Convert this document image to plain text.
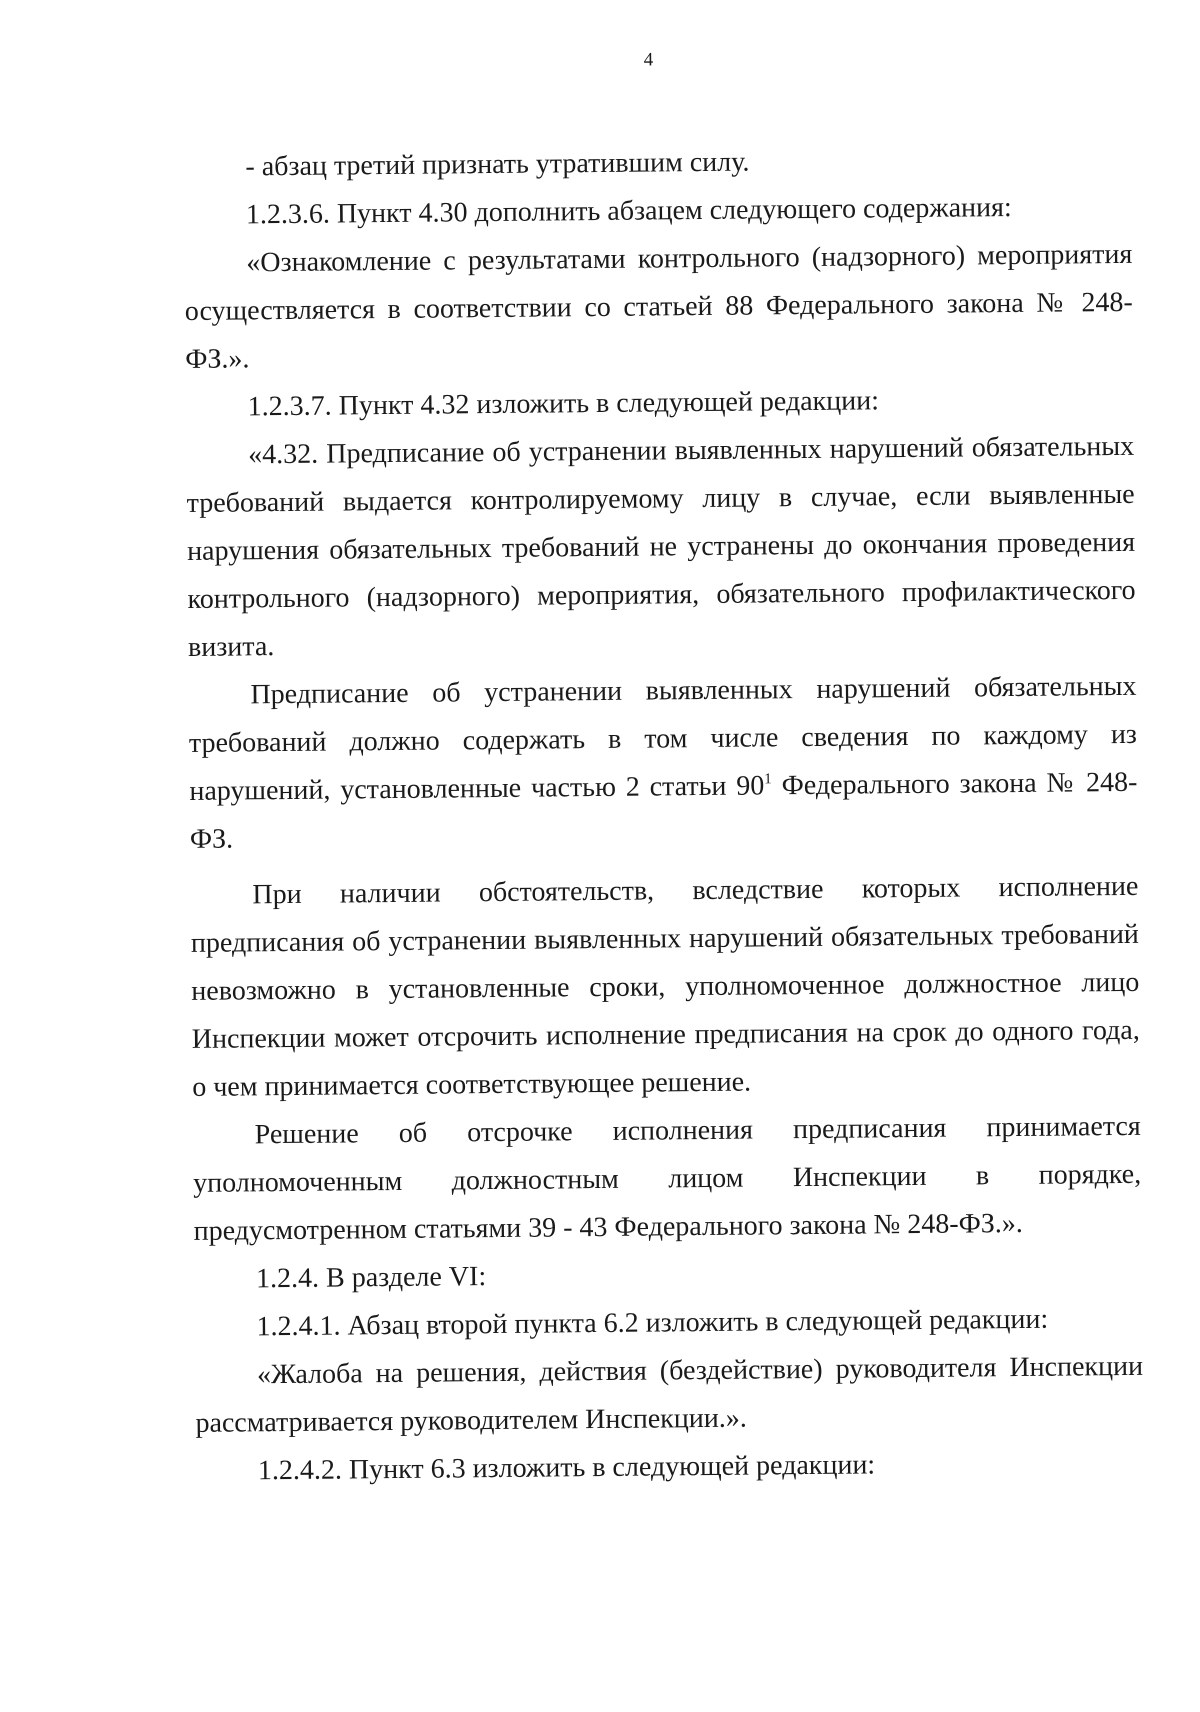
4

- абзац третий признать утратившим силу.

1.2.3.6. Пункт 4.30 дополнить абзацем следующего содержания:

«Ознакомление с результатами контрольного (надзорного) мероприятия осуществляется в соответствии со статьей 88 Федерального закона № 248-ФЗ.».

1.2.3.7. Пункт 4.32 изложить в следующей редакции:

«4.32. Предписание об устранении выявленных нарушений обязательных требований выдается контролируемому лицу в случае, если выявленные нарушения обязательных требований не устранены до окончания проведения контрольного (надзорного) мероприятия, обязательного профилактического визита.

Предписание об устранении выявленных нарушений обязательных требований должно содержать в том числе сведения по каждому из нарушений, установленные частью 2 статьи $90^1$ Федерального закона № 248-ФЗ.

При наличии обстоятельств, вследствие которых исполнение предписания об устранении выявленных нарушений обязательных требований невозможно в установленные сроки, уполномоченное должностное лицо Инспекции может отсрочить исполнение предписания на срок до одного года, о чем принимается соответствующее решение.

Решение об отсрочке исполнения предписания принимается уполномоченным должностным лицом Инспекции в порядке, предусмотренном статьями 39 - 43 Федерального закона № 248-ФЗ.».

1.2.4. В разделе VI:

1.2.4.1. Абзац второй пункта 6.2 изложить в следующей редакции:

«Жалоба на решения, действия (бездействие) руководителя Инспекции рассматривается руководителем Инспекции.».

1.2.4.2. Пункт 6.3 изложить в следующей редакции:
